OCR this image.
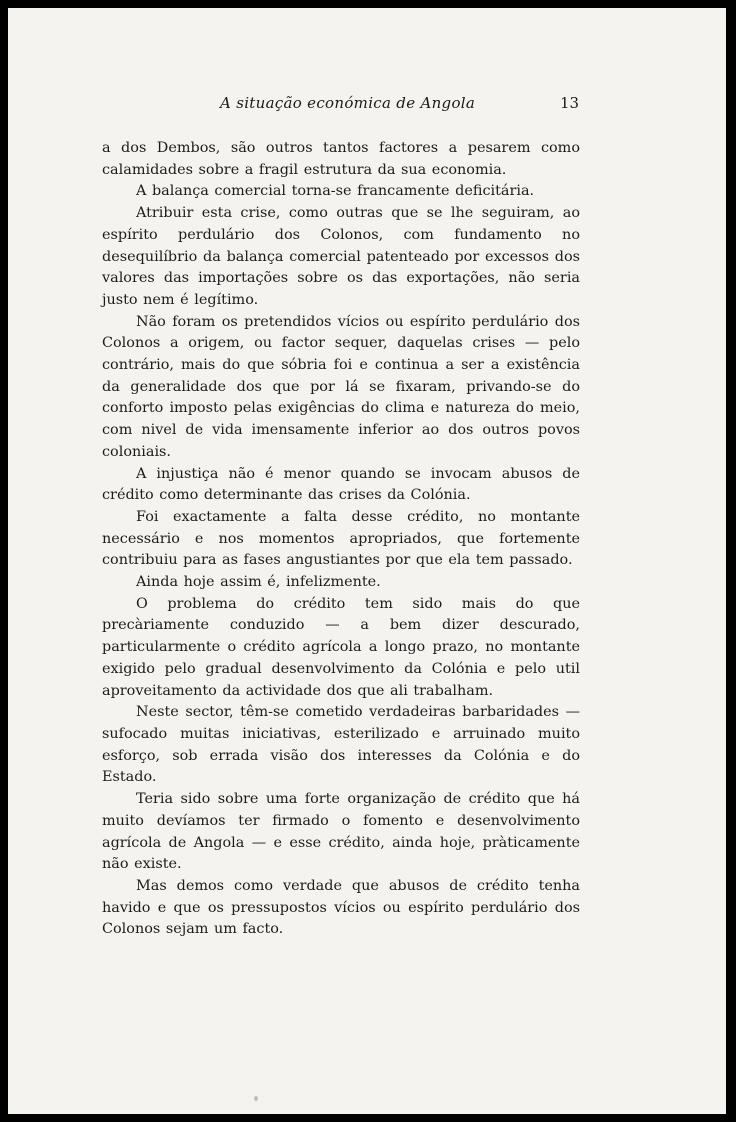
A situação económica de Angola	13

a dos Dembos, são outros tantos factores a pesarem como calamidades sobre a fragil estrutura da sua economia.

A balança comercial torna-se francamente deficitária.

Atribuir esta crise, como outras que se lhe seguiram, ao espírito perdulário dos Colonos, com fundamento no desequilíbrio da balança comercial patenteado por excessos dos valores das importações sobre os das exportações, não seria justo nem é legítimo.

Não foram os pretendidos vícios ou espírito perdulário dos Colonos a origem, ou factor sequer, daquelas crises — pelo contrário, mais do que sóbria foi e continua a ser a existência da generalidade dos que por lá se fixaram, privando-se do conforto imposto pelas exigências do clima e natureza do meio, com nivel de vida imensamente inferior ao dos outros povos coloniais.

A injustiça não é menor quando se invocam abusos de crédito como determinante das crises da Colónia.

Foi exactamente a falta desse crédito, no montante necessário e nos momentos apropriados, que fortemente contribuiu para as fases angustiantes por que ela tem passado.

Ainda hoje assim é, infelizmente.

O problema do crédito tem sido mais do que precàriamente conduzido — a bem dizer descurado, particularmente o crédito agrícola a longo prazo, no montante exigido pelo gradual desenvolvimento da Colónia e pelo util aproveitamento da actividade dos que ali trabalham.

Neste sector, têm-se cometido verdadeiras barbaridades — sufocado muitas iniciativas, esterilizado e arruinado muito esforço, sob errada visão dos interesses da Colónia e do Estado.

Teria sido sobre uma forte organização de crédito que há muito devíamos ter firmado o fomento e desenvolvimento agrícola de Angola — e esse crédito, ainda hoje, pràticamente não existe.

Mas demos como verdade que abusos de crédito tenha havido e que os pressupostos vícios ou espírito perdulário dos Colonos sejam um facto.
